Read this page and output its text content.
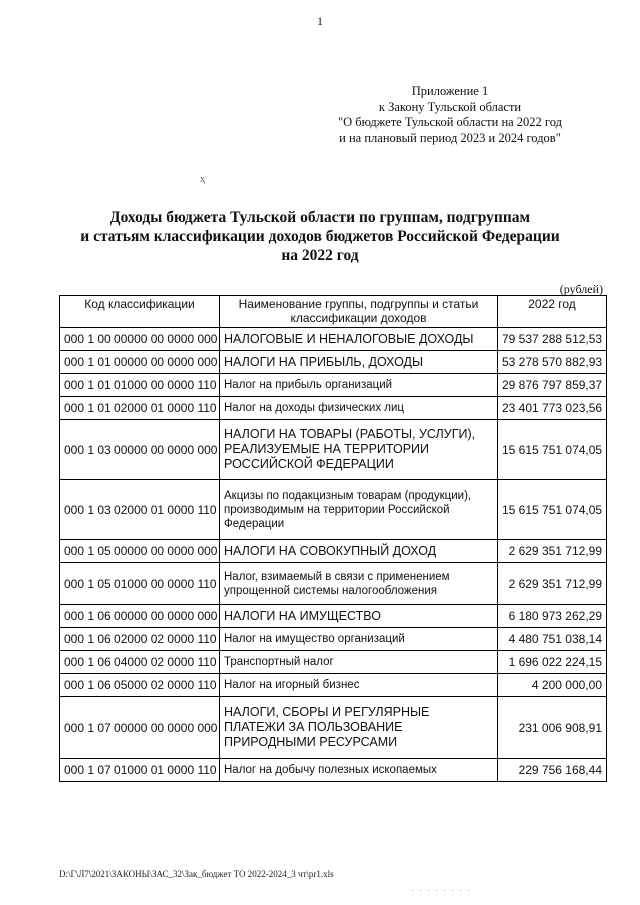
1
Приложение 1
к Закону Тульской области
"О бюджете Тульской области на 2022 год
и на плановый период 2023 и 2024 годов"
ҳ
Доходы бюджета Тульской области по группам, подгруппам
и статьям классификации доходов бюджетов Российской Федерации
на 2022 год
(рублей)
Код классификации	Наименование группы, подгруппы и статьи классификации доходов	2022 год
000 1 00 00000 00 0000 000	НАЛОГОВЫЕ И НЕНАЛОГОВЫЕ ДОХОДЫ	79 537 288 512,53
000 1 01 00000 00 0000 000	НАЛОГИ НА ПРИБЫЛЬ, ДОХОДЫ	53 278 570 882,93
000 1 01 01000 00 0000 110	Налог на прибыль организаций	29 876 797 859,37
000 1 01 02000 01 0000 110	Налог на доходы физических лиц	23 401 773 023,56
000 1 03 00000 00 0000 000	НАЛОГИ НА ТОВАРЫ (РАБОТЫ, УСЛУГИ), РЕАЛИЗУЕМЫЕ НА ТЕРРИТОРИИ РОССИЙСКОЙ ФЕДЕРАЦИИ	15 615 751 074,05
000 1 03 02000 01 0000 110	Акцизы по подакцизным товарам (продукции), производимым на территории Российской Федерации	15 615 751 074,05
000 1 05 00000 00 0000 000	НАЛОГИ НА СОВОКУПНЫЙ ДОХОД	2 629 351 712,99
000 1 05 01000 00 0000 110	Налог, взимаемый в связи с применением упрощенной системы налогообложения	2 629 351 712,99
000 1 06 00000 00 0000 000	НАЛОГИ НА ИМУЩЕСТВО	6 180 973 262,29
000 1 06 02000 02 0000 110	Налог на имущество организаций	4 480 751 038,14
000 1 06 04000 02 0000 110	Транспортный налог	1 696 022 224,15
000 1 06 05000 02 0000 110	Налог на игорный бизнес	4 200 000,00
000 1 07 00000 00 0000 000	НАЛОГИ, СБОРЫ И РЕГУЛЯРНЫЕ ПЛАТЕЖИ ЗА ПОЛЬЗОВАНИЕ ПРИРОДНЫМИ РЕСУРСАМИ	231 006 908,91
000 1 07 01000 01 0000 110	Налог на добычу полезных ископаемых	229 756 168,44
D:\Г\Л7\2021\ЗАКОНЫ\ЗАС_32\Зак_бюджет ТО 2022-2024_3 чт\pr1.xls
. . . . . . . .
